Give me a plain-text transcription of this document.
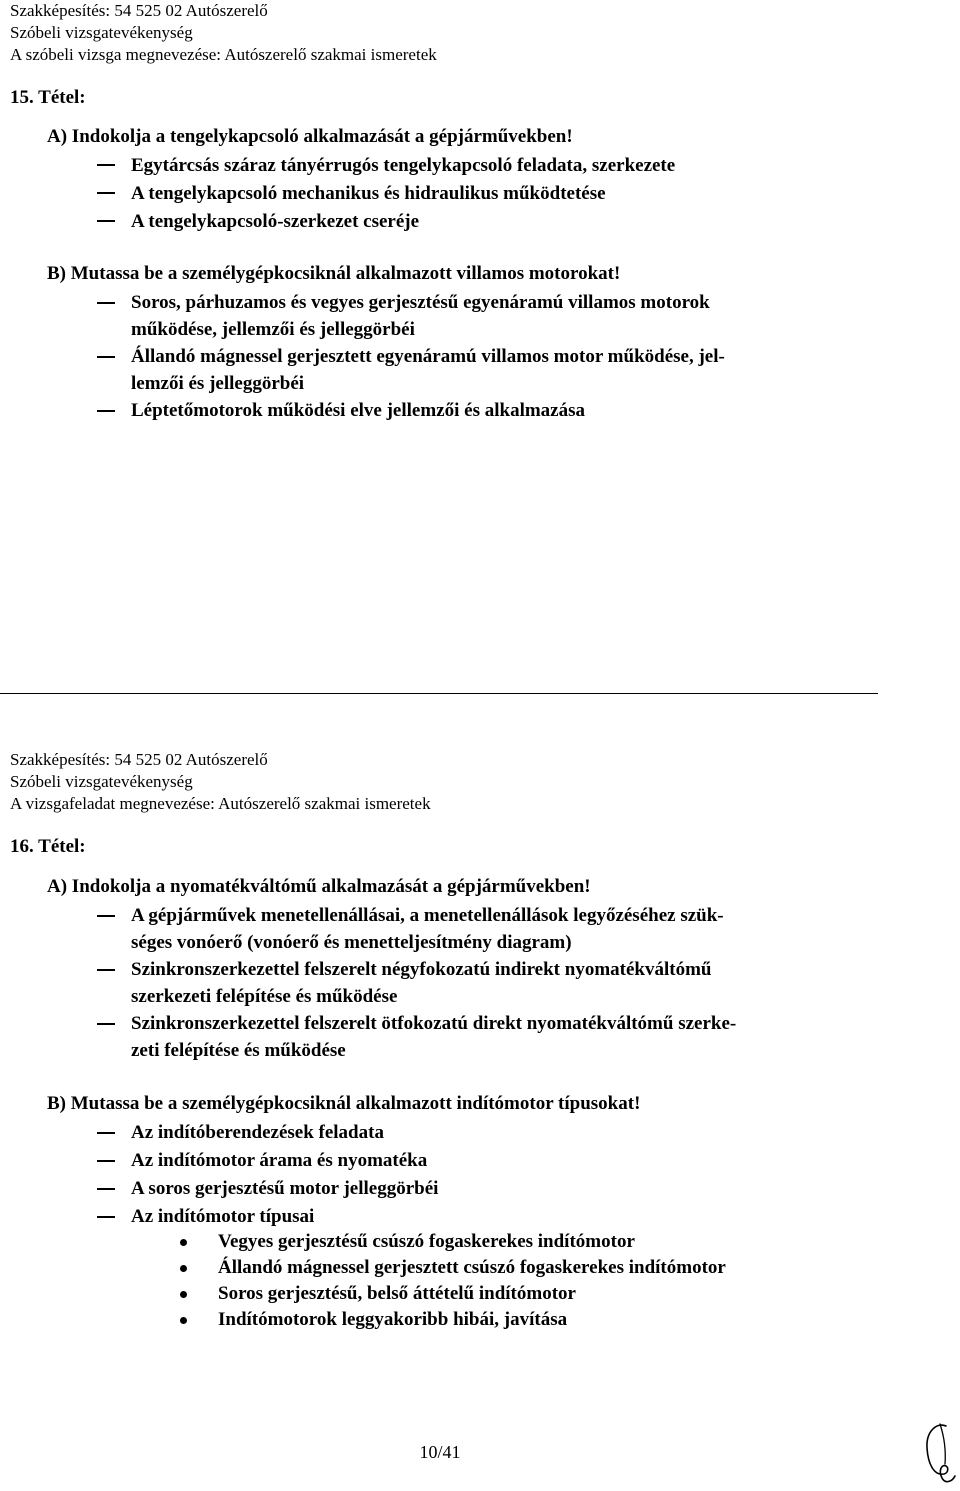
Szakképesítés: 54 525 02 Autószerelő
Szóbeli vizsgatevékenység
A szóbeli vizsga megnevezése: Autószerelő szakmai ismeretek
15. Tétel:
A) Indokolja a tengelykapcsoló alkalmazását a gépjárművekben!
Egytárcsás száraz tányérrugós tengelykapcsoló feladata, szerkezete
A tengelykapcsoló mechanikus és hidraulikus működtetése
A tengelykapcsoló-szerkezet cseréje
B) Mutassa be a személygépkocsiknál alkalmazott villamos motorokat!
Soros, párhuzamos és vegyes gerjesztésű egyenáramú villamos motorok
működése, jellemzői és jelleggörbéi
Állandó mágnessel gerjesztett egyenáramú villamos motor működése, jel-
lemzői és jelleggörbéi
Léptetőmotorok működési elve jellemzői és alkalmazása
Szakképesítés: 54 525 02 Autószerelő
Szóbeli vizsgatevékenység
A vizsgafeladat megnevezése: Autószerelő szakmai ismeretek
16. Tétel:
A) Indokolja a nyomatékváltómű alkalmazását a gépjárművekben!
A gépjárművek menetellenállásai, a menetellenállások legyőzéséhez szük-
séges vonóerő (vonóerő és menetteljesítmény diagram)
Szinkronszerkezettel felszerelt négyfokozatú indirekt nyomatékváltómű
szerkezeti felépítése és működése
Szinkronszerkezettel felszerelt ötfokozatú direkt nyomatékváltómű szerke-
zeti felépítése és működése
B) Mutassa be a személygépkocsiknál alkalmazott indítómotor típusokat!
Az indítóberendezések feladata
Az indítómotor árama és nyomatéka
A soros gerjesztésű motor jelleggörbéi
Az indítómotor típusai
Vegyes gerjesztésű csúszó fogaskerekes indítómotor
Állandó mágnessel gerjesztett csúszó fogaskerekes indítómotor
Soros gerjesztésű, belső áttételű indítómotor
Indítómotorok leggyakoribb hibái, javítása
10/41
